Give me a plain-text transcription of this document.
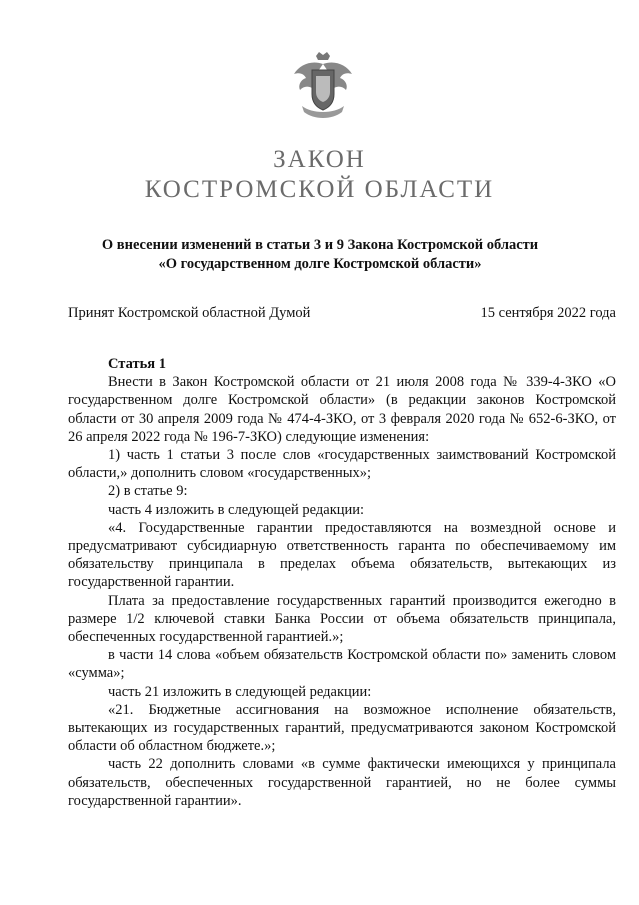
ЗАКОН
КОСТРОМСКОЙ ОБЛАСТИ
О внесении изменений в статьи 3 и 9 Закона Костромской области
«О государственном долге Костромской области»
Принят Костромской областной Думой	15 сентября 2022 года

Статья 1

Внести в Закон Костромской области от 21 июля 2008 года № 339-4-ЗКО «О государственном долге Костромской области» (в редакции законов Костромской области от 30 апреля 2009 года № 474-4-ЗКО, от 3 февраля 2020 года № 652-6-ЗКО, от 26 апреля 2022 года № 196-7-ЗКО) следующие изменения:

1) часть 1 статьи 3 после слов «государственных заимствований Костромской области,» дополнить словом «государственных»;

2) в статье 9:

часть 4 изложить в следующей редакции:

«4. Государственные гарантии предоставляются на возмездной основе и предусматривают субсидиарную ответственность гаранта по обеспечиваемому им обязательству принципала в пределах объема обязательств, вытекающих из государственной гарантии.

Плата за предоставление государственных гарантий производится ежегодно в размере 1/2 ключевой ставки Банка России от объема обязательств принципала, обеспеченных государственной гарантией.»;

в части 14 слова «объем обязательств Костромской области по» заменить словом «сумма»;

часть 21 изложить в следующей редакции:

«21. Бюджетные ассигнования на возможное исполнение обязательств, вытекающих из государственных гарантий, предусматриваются законом Костромской области об областном бюджете.»;

часть 22 дополнить словами «в сумме фактически имеющихся у принципала обязательств, обеспеченных государственной гарантией, но не более суммы государственной гарантии».
